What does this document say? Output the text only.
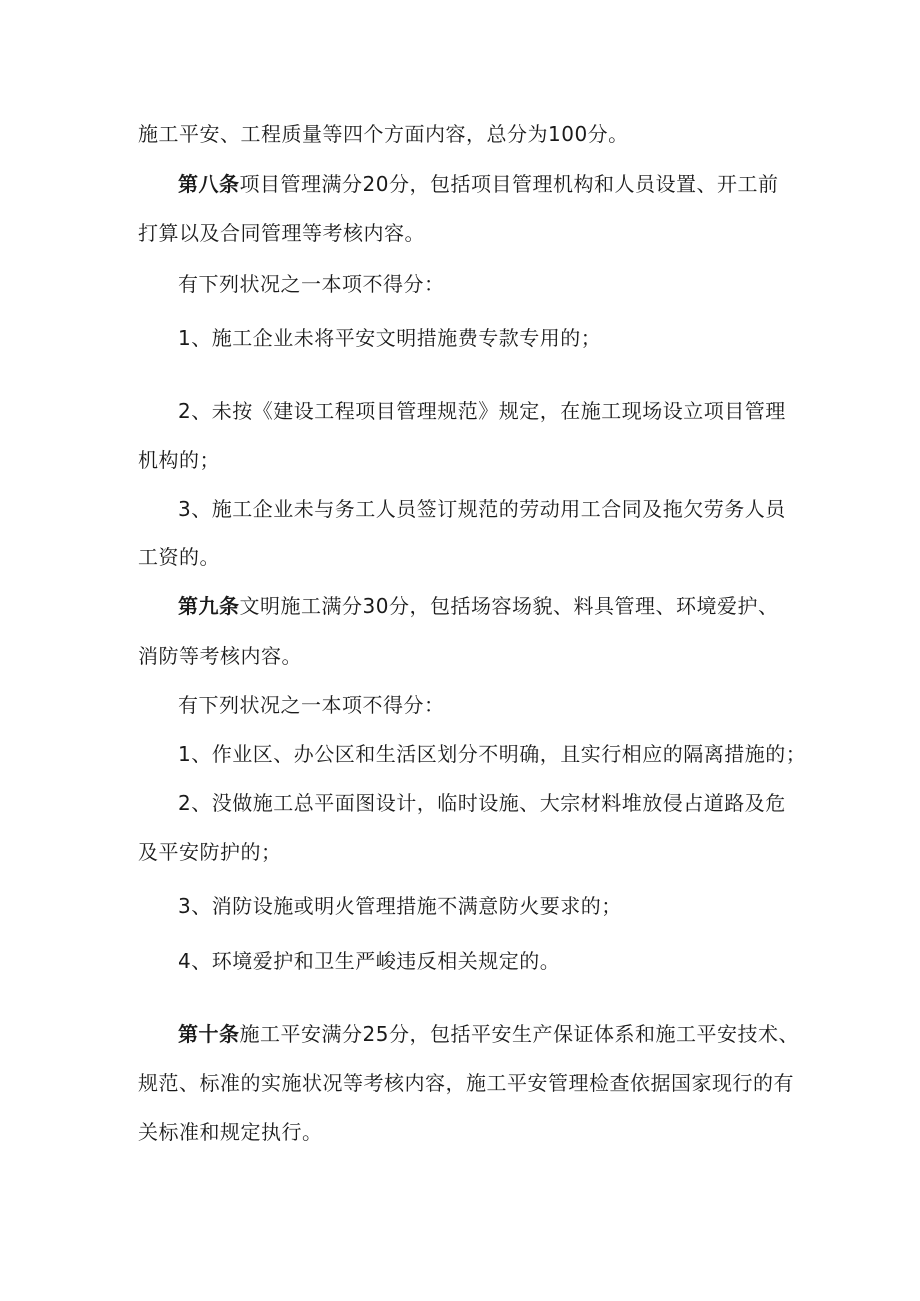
施工平安、工程质量等四个方面内容，总分为100分。
第八条项目管理满分20分，包括项目管理机构和人员设置、开工前
打算以及合同管理等考核内容。
有下列状况之一本项不得分：
1、施工企业未将平安文明措施费专款专用的；
2、未按《建设工程项目管理规范》规定，在施工现场设立项目管理
机构的；
3、施工企业未与务工人员签订规范的劳动用工合同及拖欠劳务人员
工资的。
第九条文明施工满分30分，包括场容场貌、料具管理、环境爱护、
消防等考核内容。
有下列状况之一本项不得分：
1、作业区、办公区和生活区划分不明确，且实行相应的隔离措施的；
2、没做施工总平面图设计，临时设施、大宗材料堆放侵占道路及危
及平安防护的；
3、消防设施或明火管理措施不满意防火要求的；
4、环境爱护和卫生严峻违反相关规定的。
第十条施工平安满分25分，包括平安生产保证体系和施工平安技术、
规范、标准的实施状况等考核内容，施工平安管理检查依据国家现行的有
关标准和规定执行。
